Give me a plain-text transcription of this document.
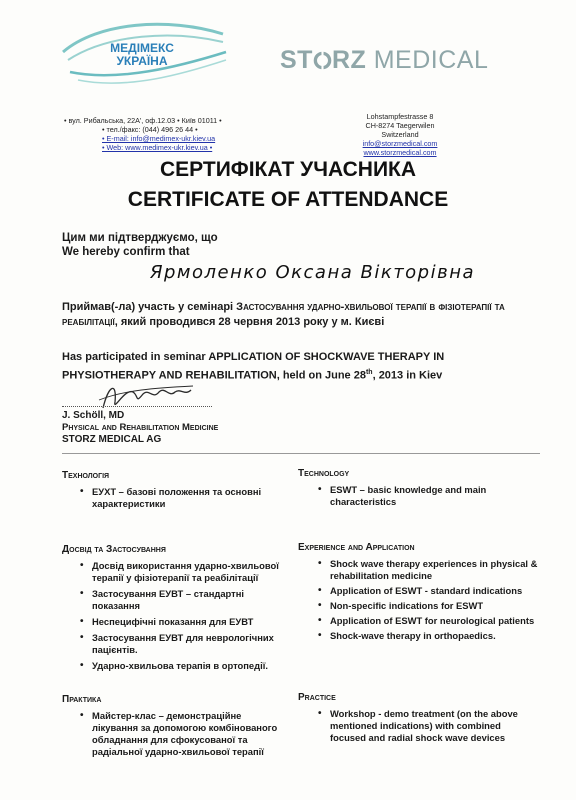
МЕДІМЕКС
УКРАЇНА	ST RZ MEDICAL
• вул. Рибальська, 22А', оф.12.03 • Київ 01011 •
• тел./факс: (044) 496 26 44 •
• E-mail: info@medimex-ukr.kiev.ua
• Web: www.medimex-ukr.kiev.ua •
Lohstampfestrasse 8
CH-8274 Taegerwilen
Switzerland
info@storzmedical.com
www.storzmedical.com
СЕРТИФІКАТ УЧАСНИКА
CERTIFICATE OF ATTENDANCE
Цим ми підтверджуємо, що
We hereby confirm that
Ярмоленко Оксана Вікторівна
Приймав(-ла) участь у семінарі Застосування ударно-хвильової терапії в фізіотерапії та реабілітації, який проводився 28 червня 2013 року у м. Києві
Has participated in seminar APPLICATION OF SHOCKWAVE THERAPY IN PHYSIOTHERAPY AND REHABILITATION, held on June 28th, 2013 in Kiev
J. Schöll, MD
Physical and Rehabilitation Medicine
STORZ MEDICAL AG
Технологія
• ЕУХТ – базові положення та основні характеристики
Досвід та Застосування
• Досвід використання ударно-хвильової терапії у фізіотерапії та реабілітації
• Застосування ЕУВТ – стандартні показання
• Неспецифічні показання для ЕУВТ
• Застосування ЕУВТ для неврологічних пацієнтів.
• Ударно-хвильова терапія в ортопедії.
Практика
• Майстер-клас – демонстраційне лікування за допомогою комбінованого обладнання для сфокусованої та радіальної ударно-хвильової терапії
Technology
• ESWT – basic knowledge and main characteristics
Experience and Application
• Shock wave therapy experiences in physical & rehabilitation medicine
• Application of ESWT - standard indications
• Non-specific indications for ESWT
• Application of ESWT for neurological patients
• Shock-wave therapy in orthopaedics.
Practice
• Workshop - demo treatment (on the above mentioned indications) with combined focused and radial shock wave devices
